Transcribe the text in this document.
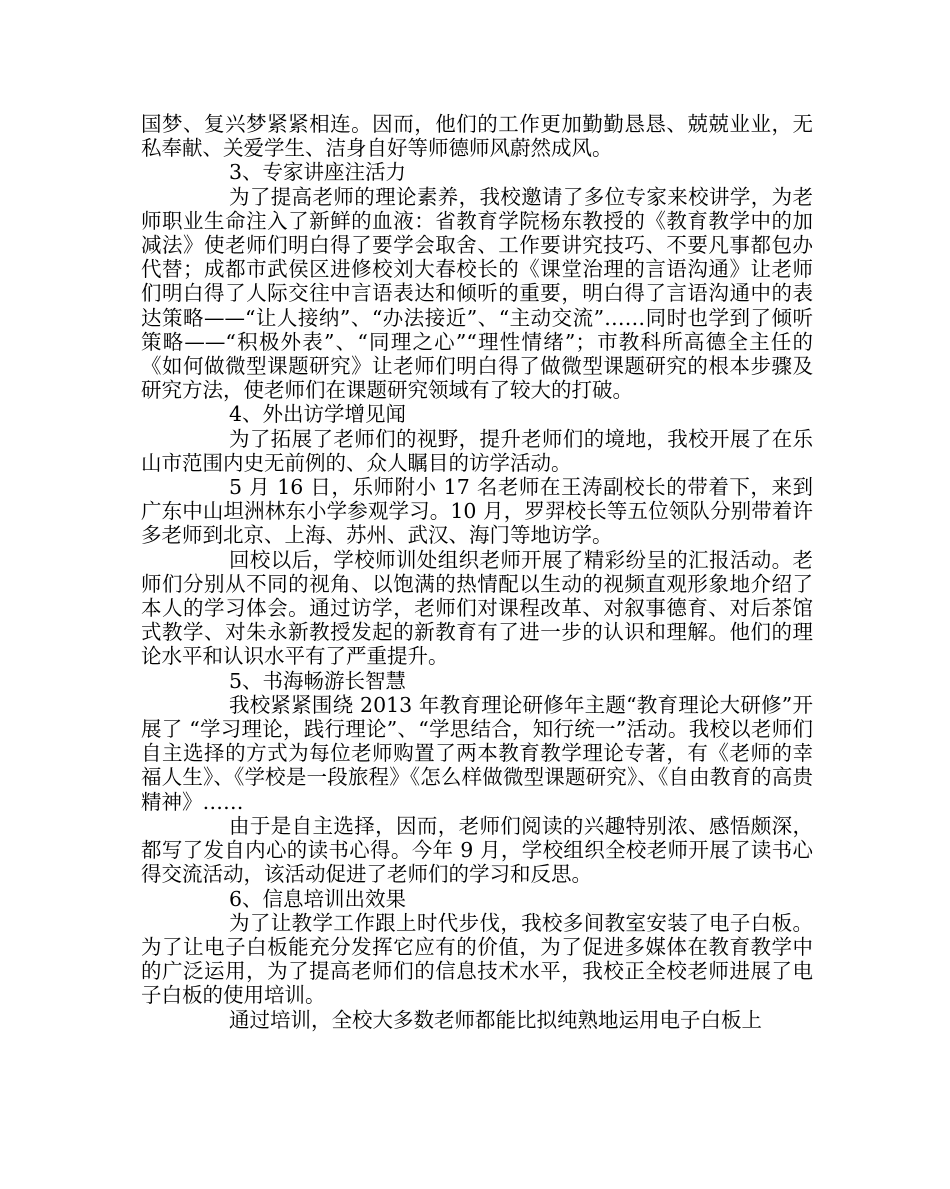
国梦、复兴梦紧紧相连。因而，他们的工作更加勤勤恳恳、兢兢业业，无私奉献、关爱学生、洁身自好等师德师风蔚然成风。

3、专家讲座注活力

为了提高老师的理论素养，我校邀请了多位专家来校讲学，为老师职业生命注入了新鲜的血液：省教育学院杨东教授的《教育教学中的加减法》使老师们明白得了要学会取舍、工作要讲究技巧、不要凡事都包办代替；成都市武侯区进修校刘大春校长的《课堂治理的言语沟通》让老师们明白得了人际交往中言语表达和倾听的重要，明白得了言语沟通中的表达策略——“让人接纳”、“办法接近”、“主动交流”……同时也学到了倾听策略——“积极外表”、“同理之心”“理性情绪”；市教科所高德全主任的《如何做微型课题研究》让老师们明白得了做微型课题研究的根本步骤及研究方法，使老师们在课题研究领域有了较大的打破。

4、外出访学增见闻

为了拓展了老师们的视野，提升老师们的境地，我校开展了在乐山市范围内史无前例的、众人瞩目的访学活动。

5 月 16 日，乐师附小 17 名老师在王涛副校长的带着下，来到广东中山坦洲林东小学参观学习。10 月，罗羿校长等五位领队分别带着许多老师到北京、上海、苏州、武汉、海门等地访学。

回校以后，学校师训处组织老师开展了精彩纷呈的汇报活动。老师们分别从不同的视角、以饱满的热情配以生动的视频直观形象地介绍了本人的学习体会。通过访学，老师们对课程改革、对叙事德育、对后茶馆式教学、对朱永新教授发起的新教育有了进一步的认识和理解。他们的理论水平和认识水平有了严重提升。

5、书海畅游长智慧

我校紧紧围绕 2013 年教育理论研修年主题“教育理论大研修”开展了 “学习理论，践行理论”、“学思结合，知行统一”活动。我校以老师们自主选择的方式为每位老师购置了两本教育教学理论专著，有《老师的幸福人生》、《学校是一段旅程》《怎么样做微型课题研究》、《自由教育的高贵精神》……

由于是自主选择，因而，老师们阅读的兴趣特别浓、感悟颇深，都写了发自内心的读书心得。今年 9 月，学校组织全校老师开展了读书心得交流活动，该活动促进了老师们的学习和反思。

6、信息培训出效果

为了让教学工作跟上时代步伐，我校多间教室安装了电子白板。为了让电子白板能充分发挥它应有的价值，为了促进多媒体在教育教学中的广泛运用，为了提高老师们的信息技术水平，我校正全校老师进展了电子白板的使用培训。

通过培训，全校大多数老师都能比拟纯熟地运用电子白板上
